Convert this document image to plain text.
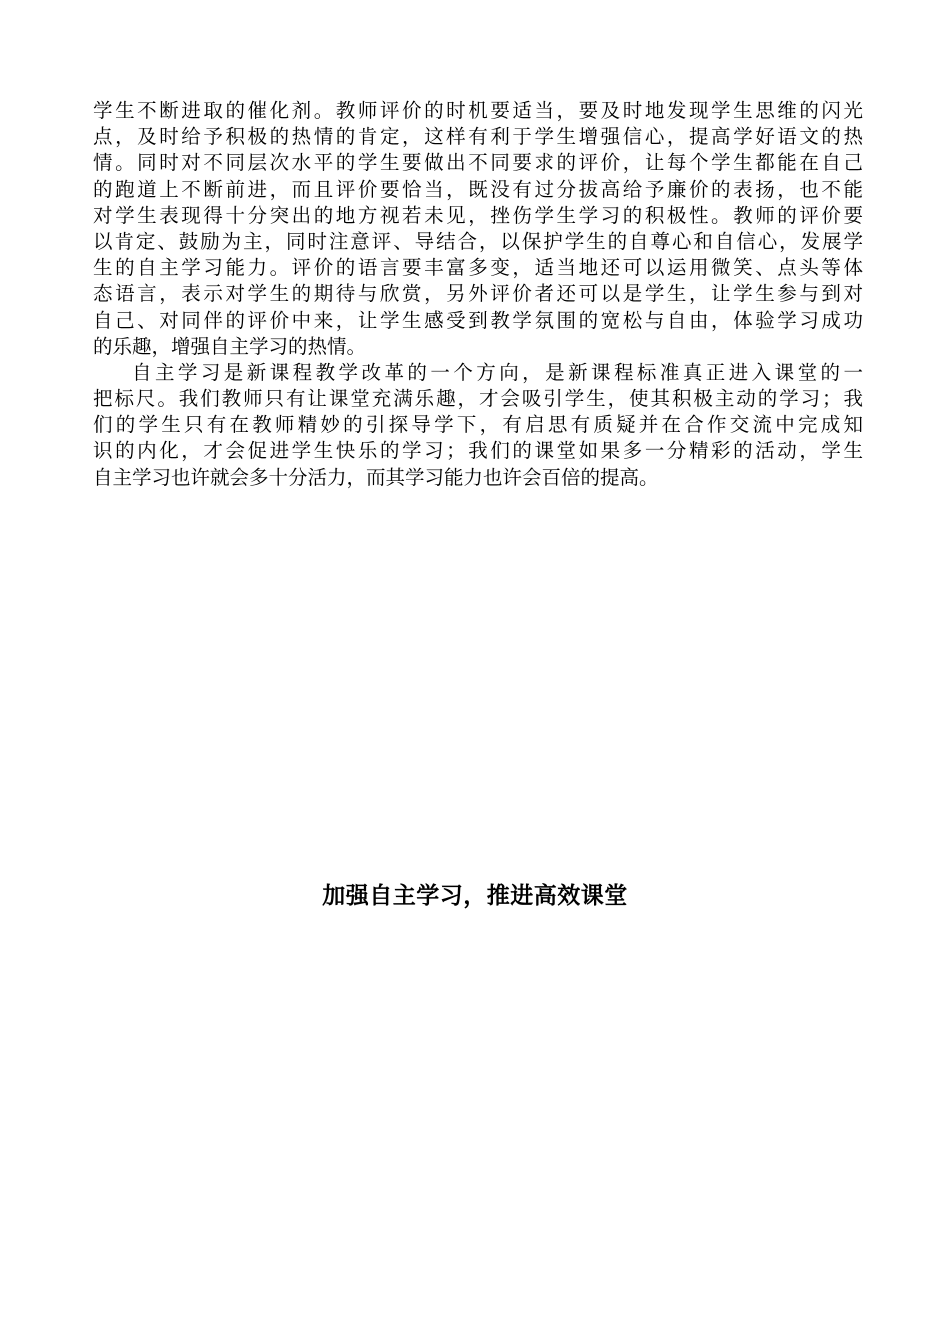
学生不断进取的催化剂。教师评价的时机要适当，要及时地发现学生思维的闪光
点，及时给予积极的热情的肯定，这样有利于学生增强信心，提高学好语文的热
情。同时对不同层次水平的学生要做出不同要求的评价，让每个学生都能在自己
的跑道上不断前进，而且评价要恰当，既没有过分拔高给予廉价的表扬，也不能
对学生表现得十分突出的地方视若未见，挫伤学生学习的积极性。教师的评价要
以肯定、鼓励为主，同时注意评、导结合，以保护学生的自尊心和自信心，发展学
生的自主学习能力。评价的语言要丰富多变，适当地还可以运用微笑、点头等体
态语言，表示对学生的期待与欣赏，另外评价者还可以是学生，让学生参与到对
自己、对同伴的评价中来，让学生感受到教学氛围的宽松与自由，体验学习成功
的乐趣，增强自主学习的热情。
自主学习是新课程教学改革的一个方向，是新课程标准真正进入课堂的一
把标尺。我们教师只有让课堂充满乐趣，才会吸引学生，使其积极主动的学习；我
们的学生只有在教师精妙的引探导学下，有启思有质疑并在合作交流中完成知
识的内化，才会促进学生快乐的学习；我们的课堂如果多一分精彩的活动，学生
自主学习也许就会多十分活力，而其学习能力也许会百倍的提高。
加强自主学习，推进高效课堂
